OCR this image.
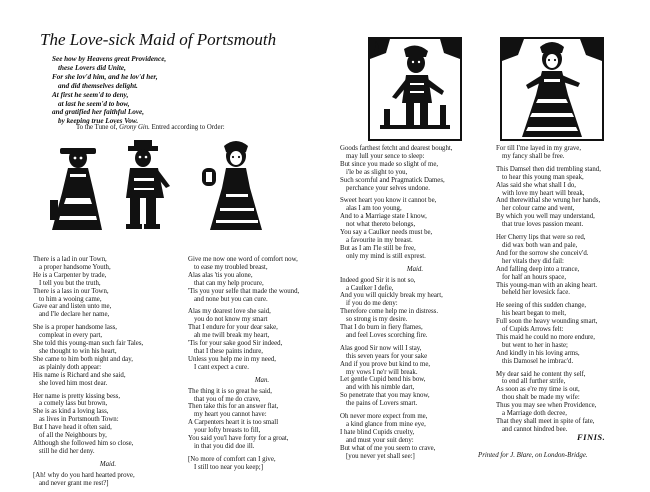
The Love-sick Maid of Portsmouth
See how by Heavens great Providence,
these Lovers did Unite,
For she lov'd him, and he lov'd her,
and did themselves delight.
At first he seem'd to deny,
at last he seem'd to bow,
and gratified her faithful Love,
by keeping true Loves Vow.
To the Tune of, Grony Gin. Entred according to Order:
There is a lad in our Town,
a proper handsome Youth,
He is a Carpenter by trade,
I tell you but the truth,
There is a lass in our Town,
to him a wooing came,
Gave ear and listen unto me,
and I'le declare her name,
She is a proper handsome lass,
compleat in every part,
She told this young-man such fair Tales,
she thought to win his heart,
She came to him both night and day,
as plainly doth appear:
His name is Richard and she said,
she loved him most dear.
Her name is pretty kissing bess,
a comely lass but brown,
She is as kind a loving lass,
as lives in Portsmouth Town:
But I have head it often said,
of all the Neighbours by,
Although she followed him so close,
still he did her deny.
Maid.
[Ah! why do you hard hearted prove,
and never grant me rest?]
Give me now one word of comfort now,
to ease my troubled breast,
Alas alas 'tis you alone,
that can my help procure,
'Tis you your selfe that made the wound,
and none but you can cure.
Alas my dearest love she said,
you do not know my smart
That I endure for your dear sake,
ah me twill break my heart,
'Tis for your sake good Sir indeed,
that I these paints indure,
Unless you help me in my need,
I cant expect a cure.
Man.
The thing it is so great he said,
that you of me do crave,
Then take this for an answer flat,
my heart you cannot have:
A Carpenters heart it is too small
your lofty breasts to fill,
You said you'l have forty for a groat,
in that you did doe ill.
[No more of comfort can I give,
I still too near you keep;]
Goods farthest fetcht and dearest bought,
may lull your sence to sleep:
But since you made so slight of me,
i'le be as slight to you,
Such scornful and Pragmatick Dames,
perchance your selves undone.
Sweet heart you know it cannot be,
alas I am too young,
And to a Marriage state I know,
not what thereto belongs,
You say a Caulker needs must be,
a favourite in my breast.
But as I am I'le still be free,
only my mind is still exprest.
Maid.
Indeed good Sir it is not so,
a Caulker I defie,
And you will quickly break my heart,
if you do me deny:
Therefore come help me in distress.
so strong is my desire.
That I do burn in fiery flames,
and feel Loves scorching fire.
Alas good Sir now will I stay,
this seven years for your sake
And if you prove but kind to me,
my vows I ne'r will break.
Let gentle Cupid bend his bow,
and with his nimble dart,
So penetrate that you may know,
the pains of Lovers smart.
Oh never more expect from me,
a kind glance from mine eye,
I hate blind Cupids cruelty,
and must your suit deny:
But what of me you seem to crave,
[you never yet shall see:]
For till I'me layed in my grave,
my fancy shall be free.
This Damsel then did trembling stand,
to hear this young man speak,
Alas said she what shall I do,
with love my heart will break,
And therewithal she wrung her hands,
her colour came and went,
By which you well may understand,
that true loves passion meant.
Her Cherry lips that were so red,
did wax both wan and pale,
And for the sorrow she conceiv'd.
her vitals they did fail:
And falling deep into a trance,
for half an hours space,
This young-man with an aking heart.
beheld her lovesick face.
He seeing of this sudden change,
his heart began to melt,
Full soon the heavy wounding smart,
of Cupids Arrows felt:
This maid he could no more endure,
but went to her in haste;
And kindly in his loving arms,
this Damosel he imbrac'd.
My dear said he content thy self,
to end all further strife,
As soon as e're my time is out,
thou shalt be made my wife:
Thus you may see when Providence,
a Marriage doth decree,
That they shall meet in spite of fate,
and cannot hindred bee.
FINIS.
Printed for J. Blare, on London-Bridge.
